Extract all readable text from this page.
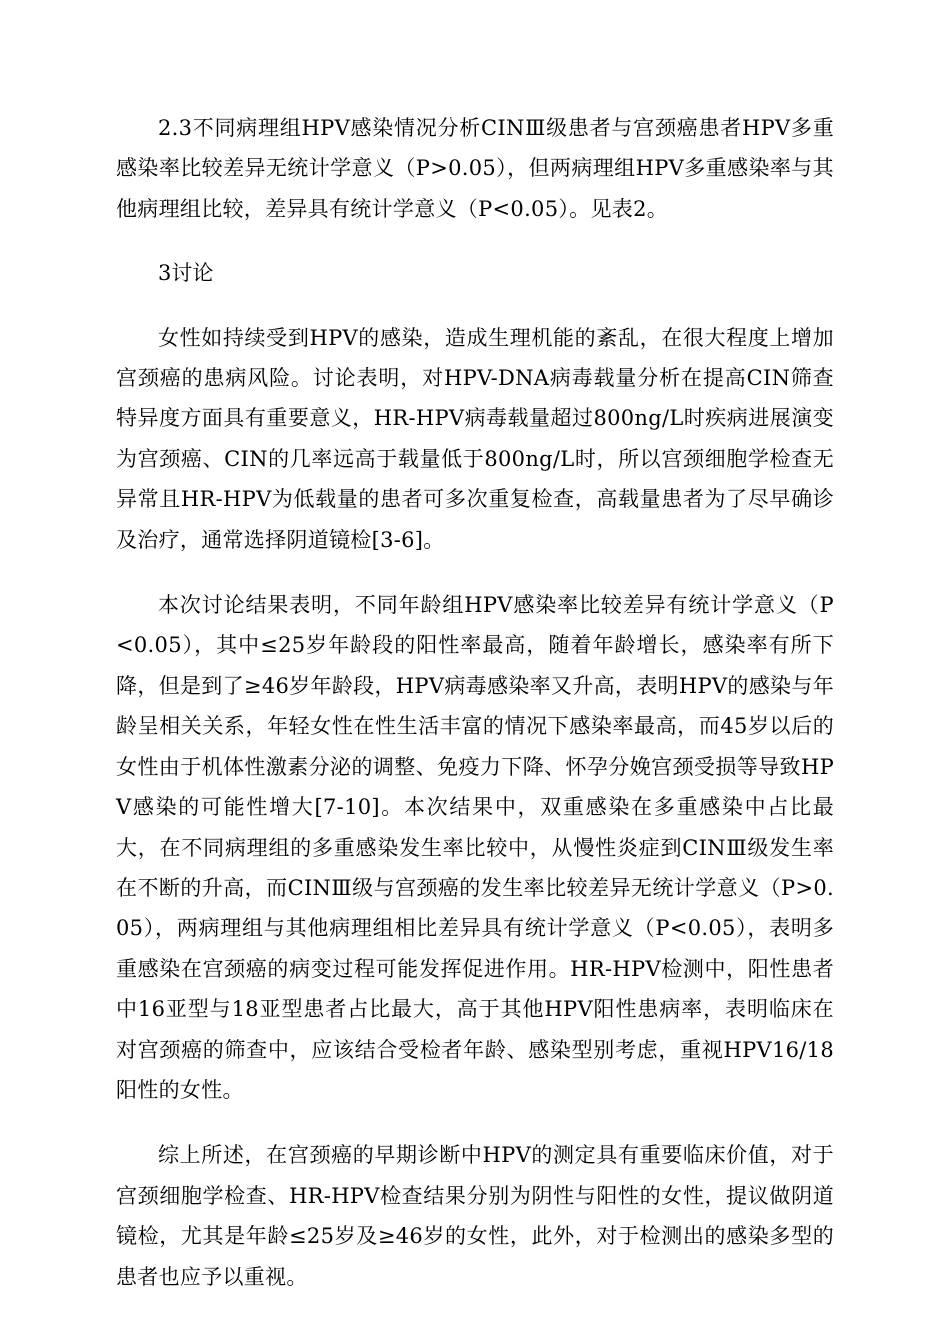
2.3不同病理组HPV感染情况分析CINⅢ级患者与宫颈癌患者HPV多重感染率比较差异无统计学意义（P>0.05），但两病理组HPV多重感染率与其他病理组比较，差异具有统计学意义（P<0.05）。见表2。

3讨论

女性如持续受到HPV的感染，造成生理机能的紊乱，在很大程度上增加宫颈癌的患病风险。讨论表明，对HPV-DNA病毒载量分析在提高CIN筛查特异度方面具有重要意义，HR-HPV病毒载量超过800ng/L时疾病进展演变为宫颈癌、CIN的几率远高于载量低于800ng/L时，所以宫颈细胞学检查无异常且HR-HPV为低载量的患者可多次重复检查，高载量患者为了尽早确诊及治疗，通常选择阴道镜检[3-6]。

本次讨论结果表明，不同年龄组HPV感染率比较差异有统计学意义（P<0.05），其中≤25岁年龄段的阳性率最高，随着年龄增长，感染率有所下降，但是到了≥46岁年龄段，HPV病毒感染率又升高，表明HPV的感染与年龄呈相关关系，年轻女性在性生活丰富的情况下感染率最高，而45岁以后的女性由于机体性激素分泌的调整、免疫力下降、怀孕分娩宫颈受损等导致HPV感染的可能性增大[7-10]。本次结果中，双重感染在多重感染中占比最大，在不同病理组的多重感染发生率比较中，从慢性炎症到CINⅢ级发生率在不断的升高，而CINⅢ级与宫颈癌的发生率比较差异无统计学意义（P>0.05），两病理组与其他病理组相比差异具有统计学意义（P<0.05），表明多重感染在宫颈癌的病变过程可能发挥促进作用。HR-HPV检测中，阳性患者中16亚型与18亚型患者占比最大，高于其他HPV阳性患病率，表明临床在对宫颈癌的筛查中，应该结合受检者年龄、感染型别考虑，重视HPV16/18阳性的女性。

综上所述，在宫颈癌的早期诊断中HPV的测定具有重要临床价值，对于宫颈细胞学检查、HR-HPV检查结果分别为阴性与阳性的女性，提议做阴道镜检，尤其是年龄≤25岁及≥46岁的女性，此外，对于检测出的感染多型的患者也应予以重视。
